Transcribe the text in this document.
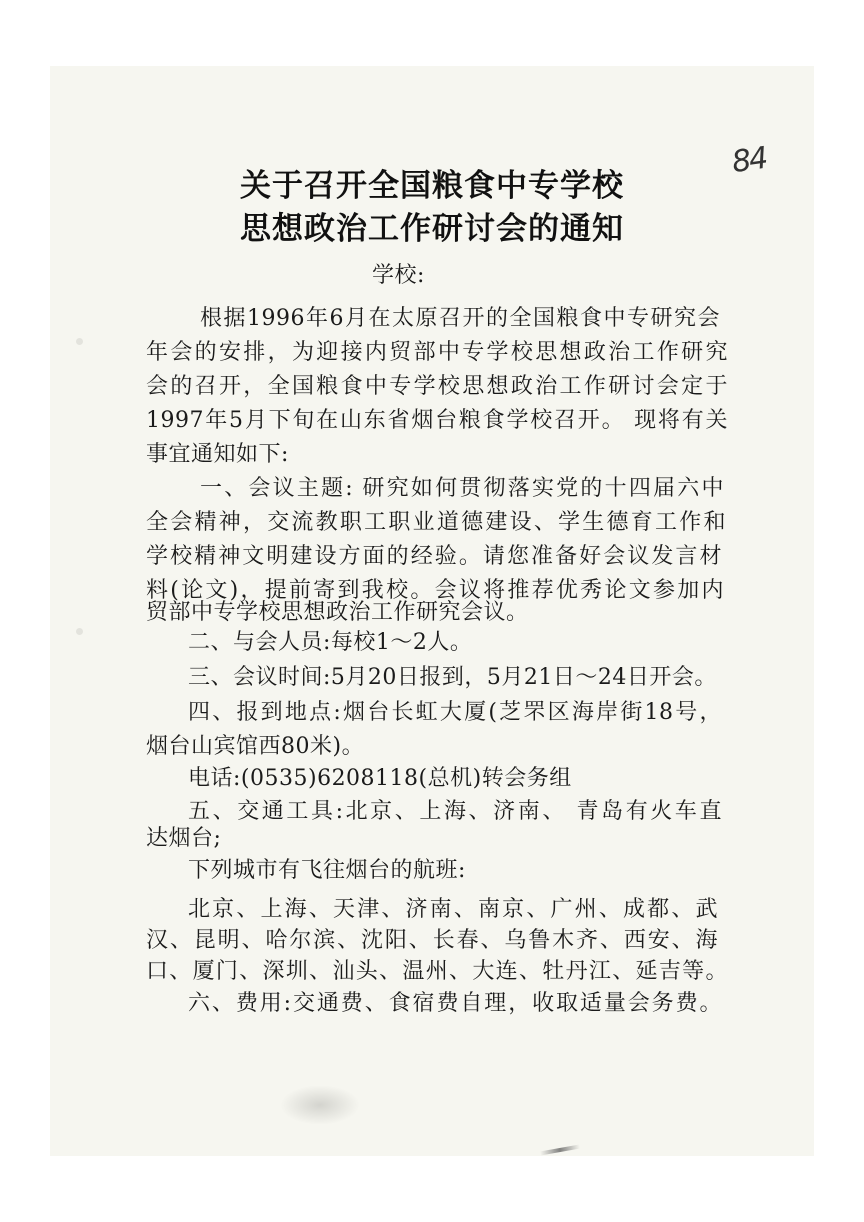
84
关于召开全国粮食中专学校
思想政治工作研讨会的通知
学校:
根据1996年6月在太原召开的全国粮食中专研究会
年会的安排，为迎接内贸部中专学校思想政治工作研究
会的召开，全国粮食中专学校思想政治工作研讨会定于
1997年5月下旬在山东省烟台粮食学校召开。 现将有关
事宜通知如下:
一、会议主题: 研究如何贯彻落实党的十四届六中
全会精神，交流教职工职业道德建设、学生德育工作和
学校精神文明建设方面的经验。请您准备好会议发言材
料(论文)，提前寄到我校。会议将推荐优秀论文参加内
贸部中专学校思想政治工作研究会议。
二、与会人员:每校1～2人。
三、会议时间:5月20日报到，5月21日～24日开会。
四、报到地点:烟台长虹大厦(芝罘区海岸街18号，
烟台山宾馆西80米)。
电话:(0535)6208118(总机)转会务组
五、交通工具:北京、上海、济南、 青岛有火车直
达烟台;
下列城市有飞往烟台的航班:
北京、上海、天津、济南、南京、广州、成都、武
汉、昆明、哈尔滨、沈阳、长春、乌鲁木齐、西安、海
口、厦门、深圳、汕头、温州、大连、牡丹江、延吉等。
六、费用:交通费、食宿费自理，收取适量会务费。
